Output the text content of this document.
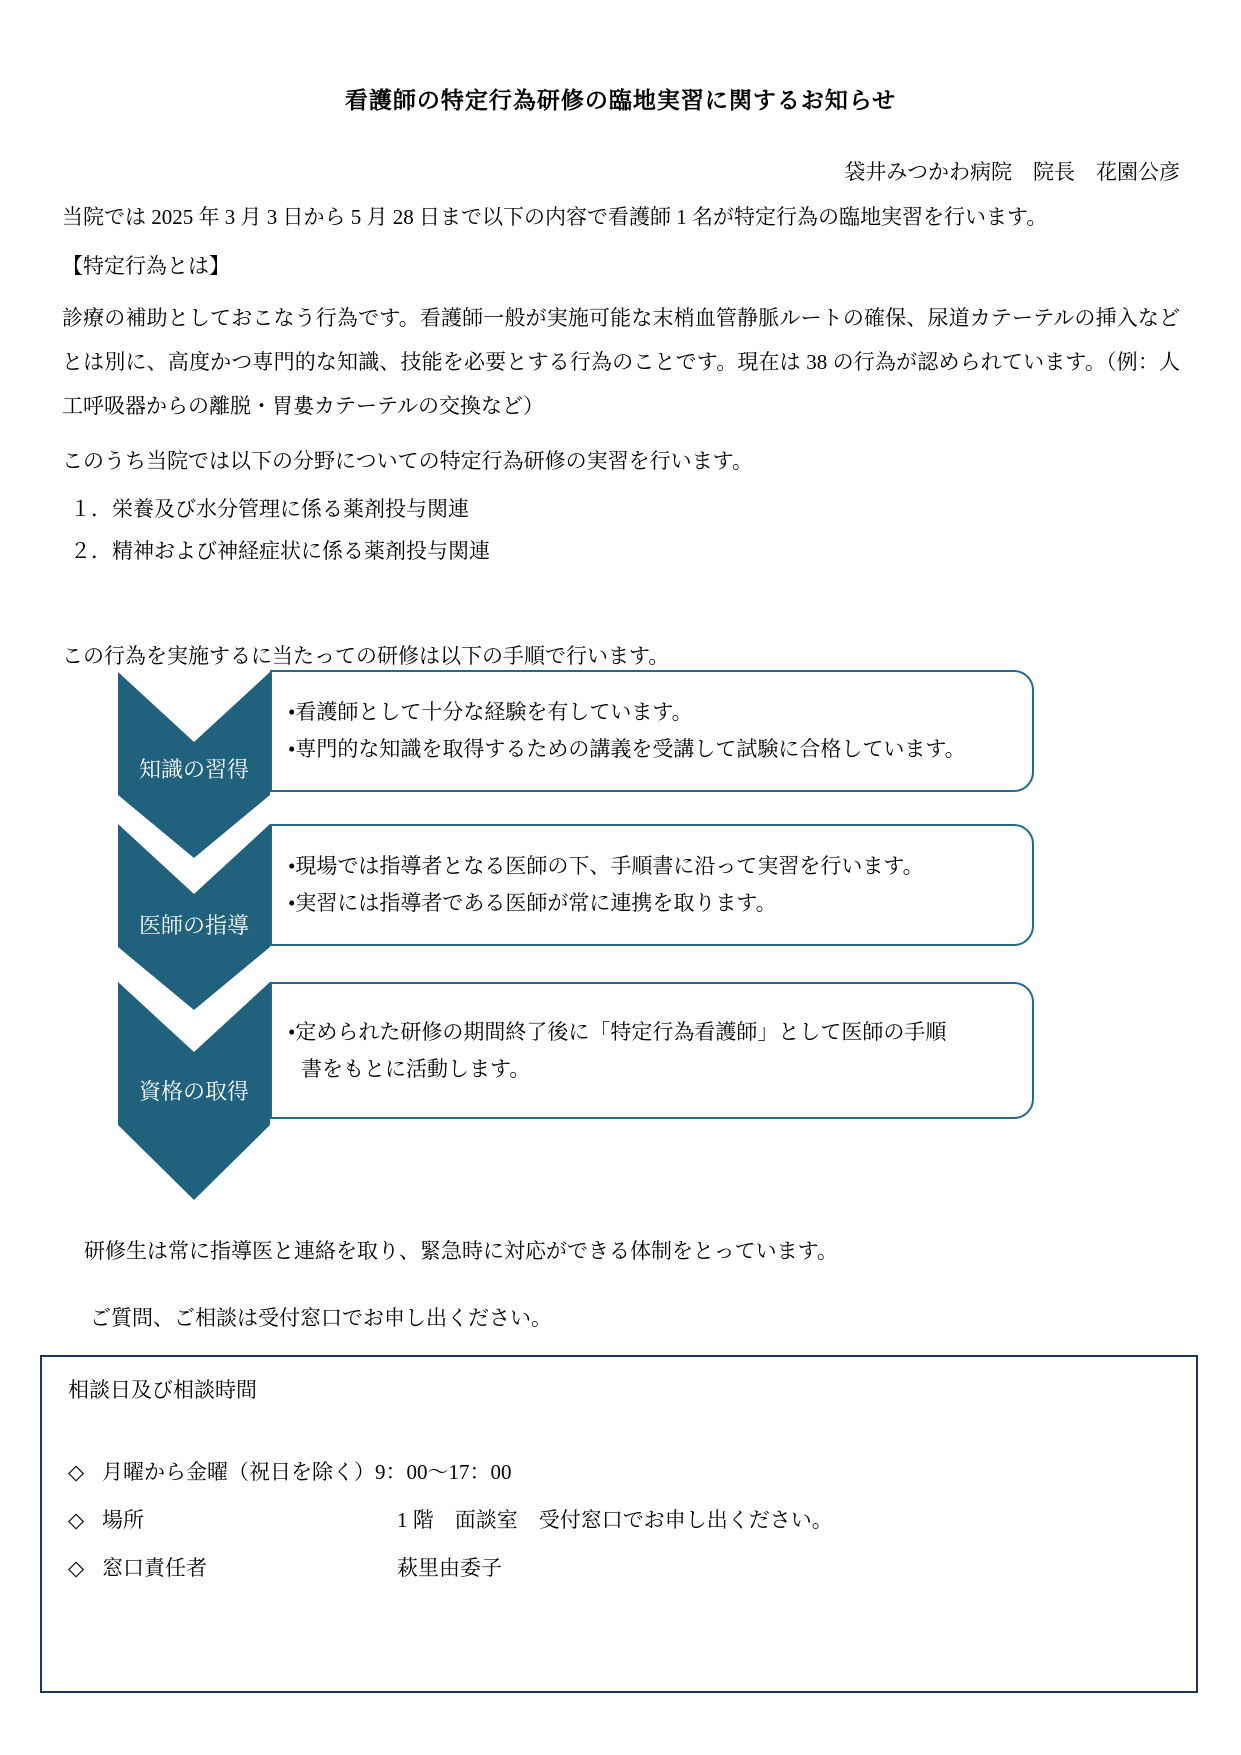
看護師の特定行為研修の臨地実習に関するお知らせ
袋井みつかわ病院　院長　花園公彦
当院では 2025 年 3 月 3 日から 5 月 28 日まで以下の内容で看護師 1 名が特定行為の臨地実習を行います。
【特定行為とは】
診療の補助としておこなう行為です。看護師一般が実施可能な末梢血管静脈ルートの確保、尿道カテーテルの挿入などとは別に、高度かつ専門的な知識、技能を必要とする行為のことです。現在は 38 の行為が認められています。（例：人工呼吸器からの離脱・胃婁カテーテルの交換など）
このうち当院では以下の分野についての特定行為研修の実習を行います。
１．栄養及び水分管理に係る薬剤投与関連
２．精神および神経症状に係る薬剤投与関連
この行為を実施するに当たっての研修は以下の手順で行います。
知識の習得
医師の指導
資格の取得
•看護師として十分な経験を有しています。
•専門的な知識を取得するための講義を受講して試験に合格しています。
•現場では指導者となる医師の下、手順書に沿って実習を行います。
•実習には指導者である医師が常に連携を取ります。
•定められた研修の期間終了後に「特定行為看護師」として医師の手順
書をもとに活動します。
研修生は常に指導医と連絡を取り、緊急時に対応ができる体制をとっています。
ご質問、ご相談は受付窓口でお申し出ください。
相談日及び相談時間
◇ 月曜から金曜（祝日を除く）9：00～17：00
◇ 場所	1 階　面談室　受付窓口でお申し出ください。
◇ 窓口責任者	萩里由委子
